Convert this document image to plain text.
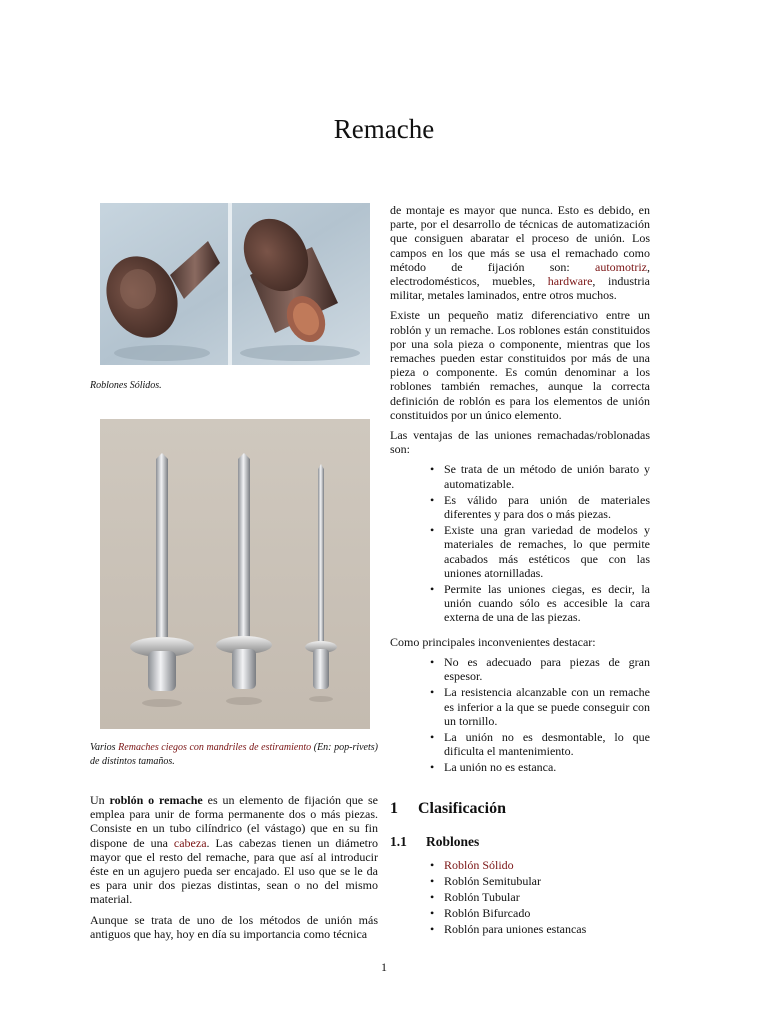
Remache
Roblones Sólidos.
Varios Remaches ciegos con mandriles de estiramiento (En: pop-rivets) de distintos tamaños.

Un roblón o remache es un elemento de fijación que se emplea para unir de forma permanente dos o más piezas. Consiste en un tubo cilíndrico (el vástago) que en su fin dispone de una cabeza. Las cabezas tienen un diámetro mayor que el resto del remache, para que así al introducir éste en un agujero pueda ser encajado. El uso que se le da es para unir dos piezas distintas, sean o no del mismo material.

Aunque se trata de uno de los métodos de unión más antiguos que hay, hoy en día su importancia como técnica

de montaje es mayor que nunca. Esto es debido, en parte, por el desarrollo de técnicas de automatización que consiguen abaratar el proceso de unión. Los campos en los que más se usa el remachado como método de fijación son: automotriz, electrodomésticos, muebles, hardware, industria militar, metales laminados, entre otros muchos.

Existe un pequeño matiz diferenciativo entre un roblón y un remache. Los roblones están constituidos por una sola pieza o componente, mientras que los remaches pueden estar constituidos por más de una pieza o componente. Es común denominar a los roblones también remaches, aunque la correcta definición de roblón es para los elementos de unión constituidos por un único elemento.

Las ventajas de las uniones remachadas/roblonadas son:

• Se trata de un método de unión barato y automatizable.
• Es válido para unión de materiales diferentes y para dos o más piezas.
• Existe una gran variedad de modelos y materiales de remaches, lo que permite acabados más estéticos que con las uniones atornilladas.
• Permite las uniones ciegas, es decir, la unión cuando sólo es accesible la cara externa de una de las piezas.

Como principales inconvenientes destacar:

• No es adecuado para piezas de gran espesor.
• La resistencia alcanzable con un remache es inferior a la que se puede conseguir con un tornillo.
• La unión no es desmontable, lo que dificulta el mantenimiento.
• La unión no es estanca.
1 Clasificación
1.1 Roblones
• Roblón Sólido
• Roblón Semitubular
• Roblón Tubular
• Roblón Bifurcado
• Roblón para uniones estancas
1
